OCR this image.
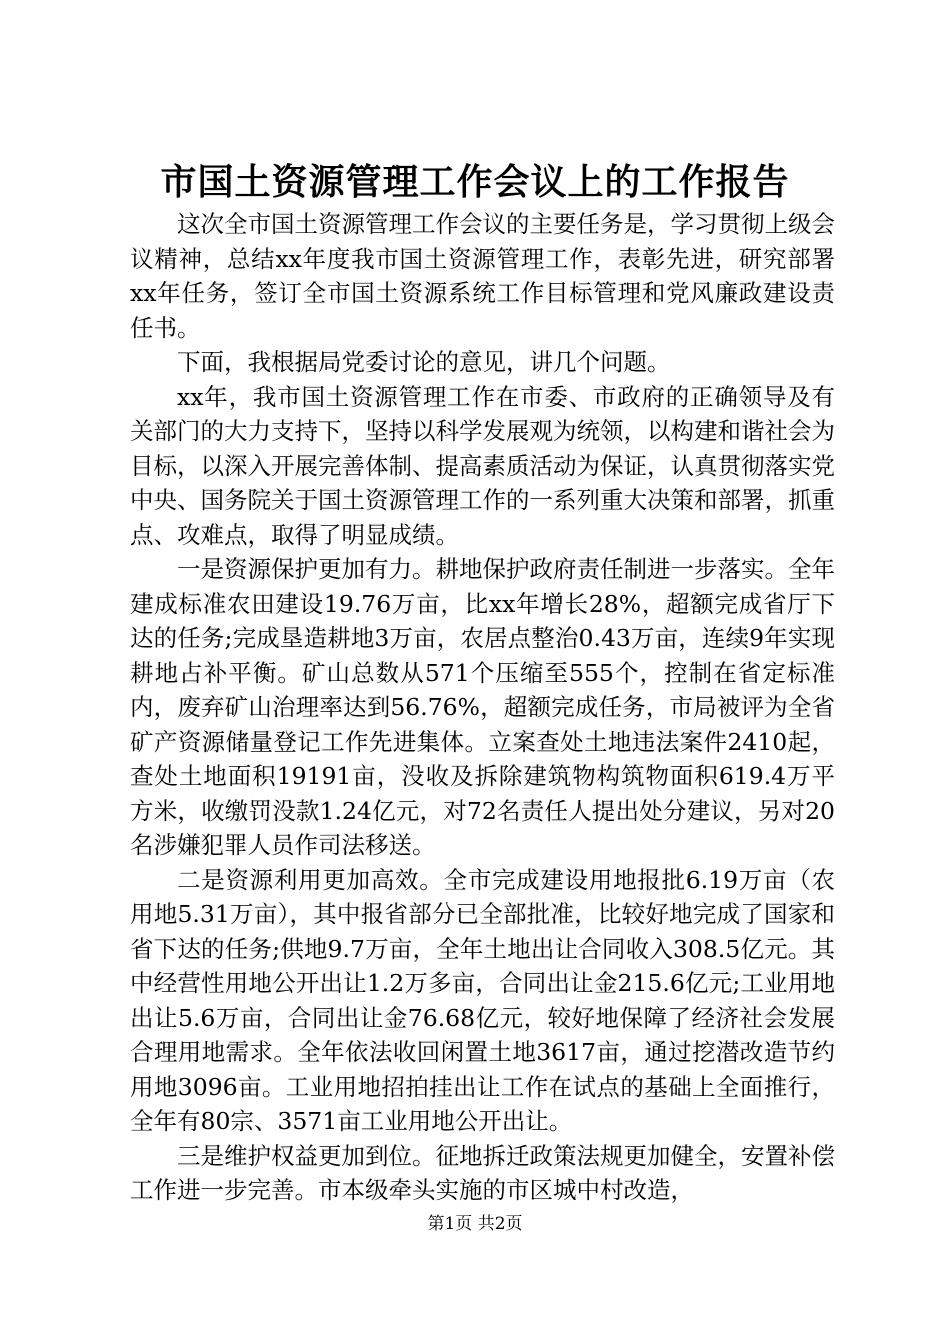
市国土资源管理工作会议上的工作报告

这次全市国土资源管理工作会议的主要任务是，学习贯彻上级会议精神，总结xx年度我市国土资源管理工作，表彰先进，研究部署xx年任务，签订全市国土资源系统工作目标管理和党风廉政建设责任书。

下面，我根据局党委讨论的意见，讲几个问题。

xx年，我市国土资源管理工作在市委、市政府的正确领导及有关部门的大力支持下，坚持以科学发展观为统领，以构建和谐社会为目标，以深入开展完善体制、提高素质活动为保证，认真贯彻落实党中央、国务院关于国土资源管理工作的一系列重大决策和部署，抓重点、攻难点，取得了明显成绩。

一是资源保护更加有力。耕地保护政府责任制进一步落实。全年建成标准农田建设19.76万亩，比xx年增长28%，超额完成省厅下达的任务;完成垦造耕地3万亩，农居点整治0.43万亩，连续9年实现耕地占补平衡。矿山总数从571个压缩至555个，控制在省定标准内，废弃矿山治理率达到56.76%，超额完成任务，市局被评为全省矿产资源储量登记工作先进集体。立案查处土地违法案件2410起，查处土地面积19191亩，没收及拆除建筑物构筑物面积619.4万平方米，收缴罚没款1.24亿元，对72名责任人提出处分建议，另对20名涉嫌犯罪人员作司法移送。

二是资源利用更加高效。全市完成建设用地报批6.19万亩（农用地5.31万亩），其中报省部分已全部批准，比较好地完成了国家和省下达的任务;供地9.7万亩，全年土地出让合同收入308.5亿元。其中经营性用地公开出让1.2万多亩，合同出让金215.6亿元;工业用地出让5.6万亩，合同出让金76.68亿元，较好地保障了经济社会发展合理用地需求。全年依法收回闲置土地3617亩，通过挖潜改造节约用地3096亩。工业用地招拍挂出让工作在试点的基础上全面推行，全年有80宗、3571亩工业用地公开出让。

三是维护权益更加到位。征地拆迁政策法规更加健全，安置补偿工作进一步完善。市本级牵头实施的市区城中村改造，

第1页 共2页
